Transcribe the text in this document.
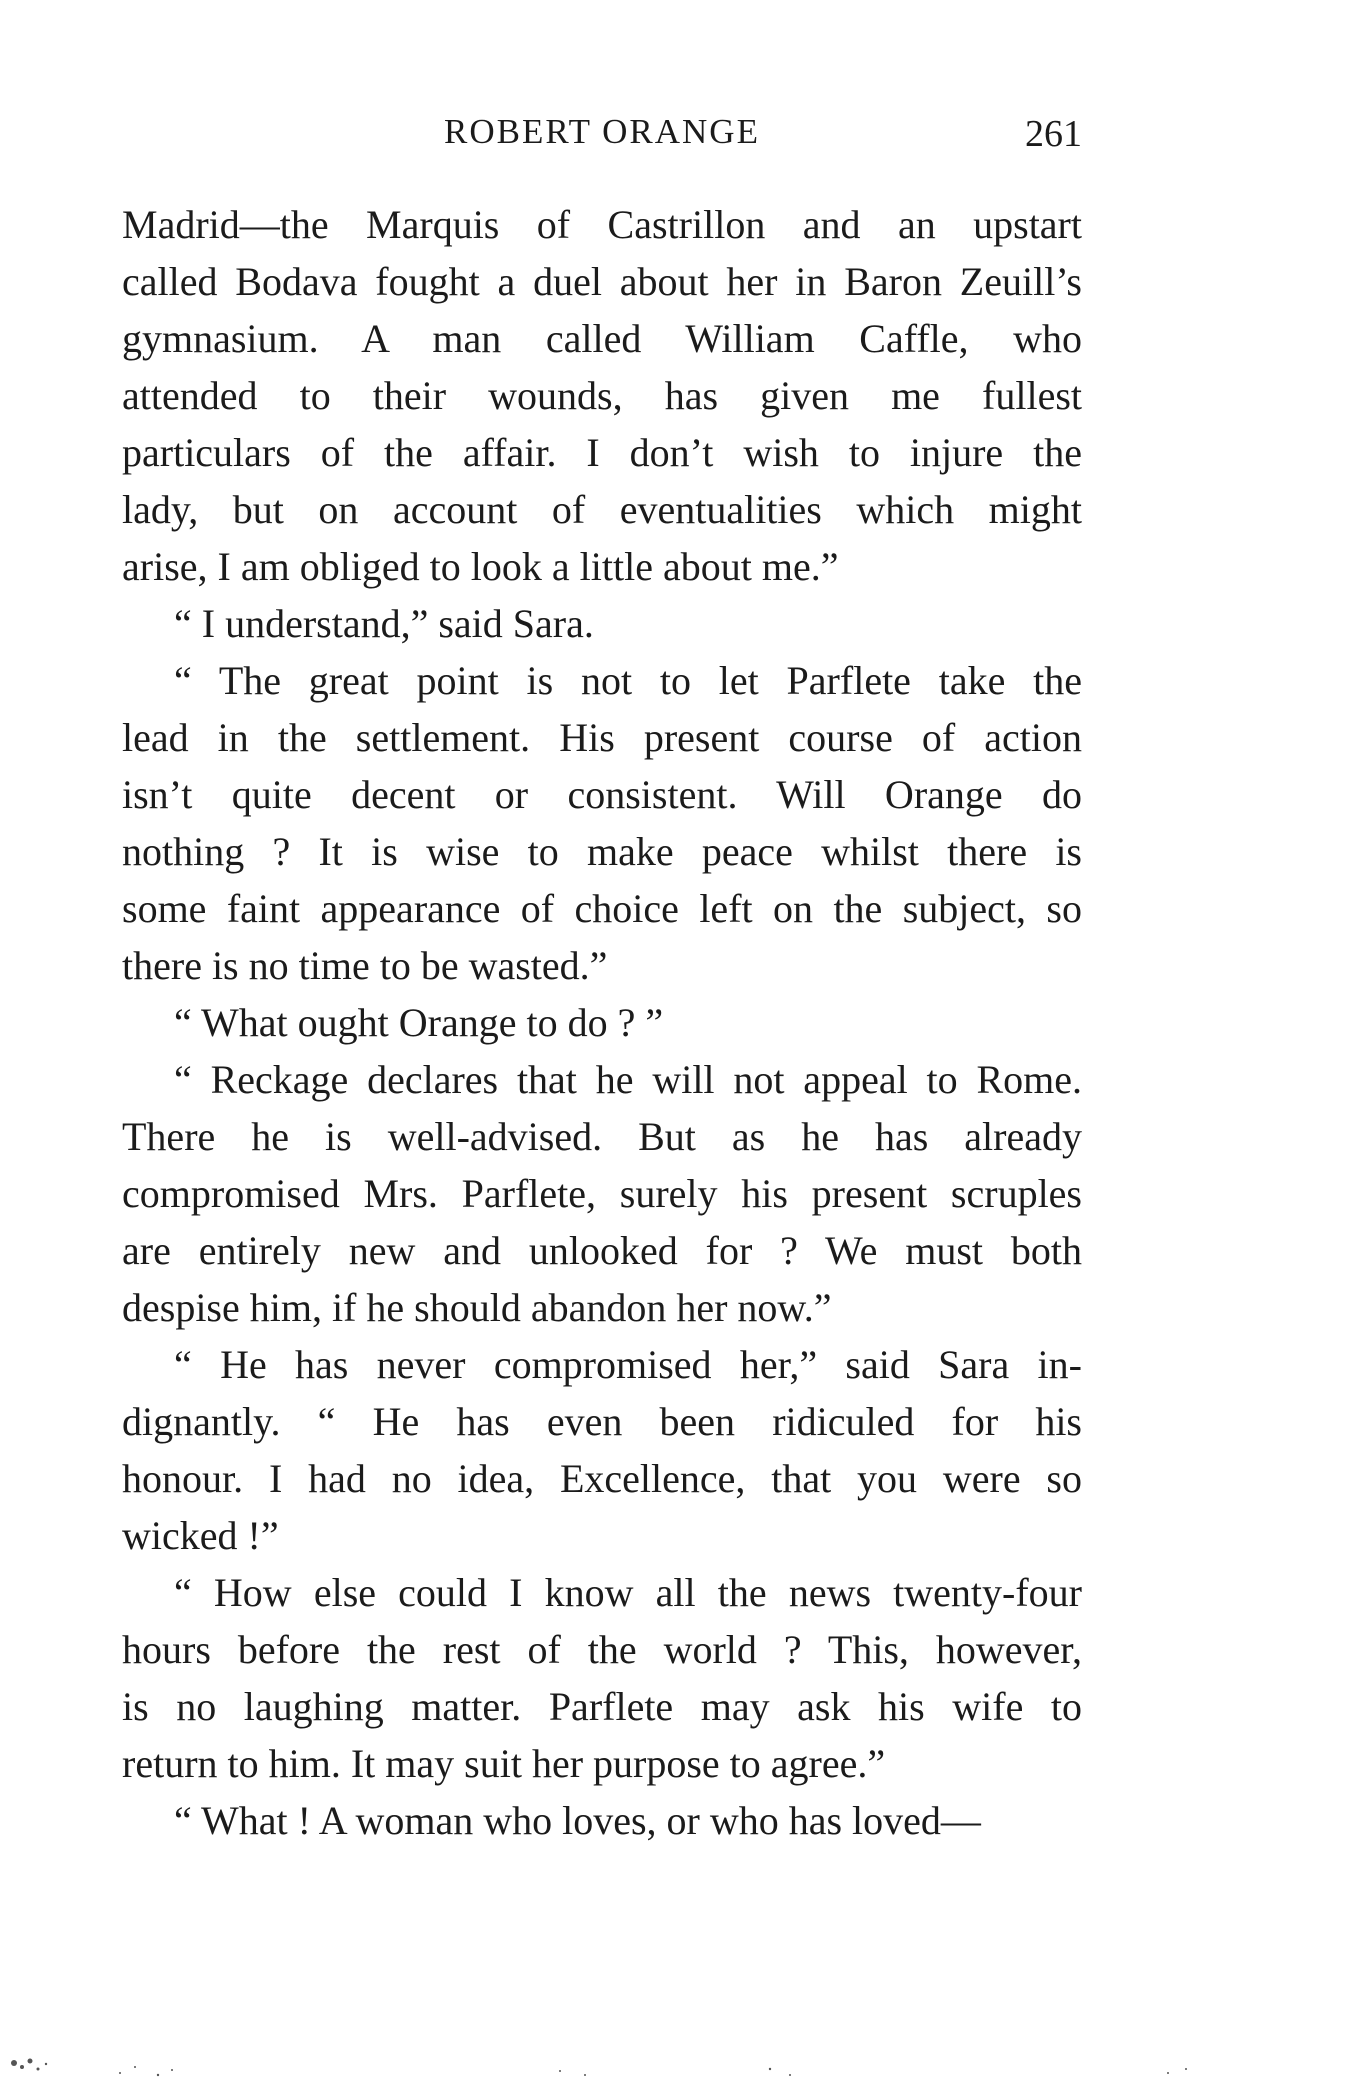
ROBERT ORANGE	261
Madrid—the Marquis of Castrillon and an upstart
called Bodava fought a duel about her in Baron Zeuill’s
gymnasium. A man called William Caffle, who
attended to their wounds, has given me fullest
particulars of the affair. I don’t wish to injure the
lady, but on account of eventualities which might
arise, I am obliged to look a little about me.”
“ I understand,” said Sara.
“ The great point is not to let Parflete take the
lead in the settlement. His present course of action
isn’t quite decent or consistent. Will Orange do
nothing ? It is wise to make peace whilst there is
some faint appearance of choice left on the subject, so
there is no time to be wasted.”
“ What ought Orange to do ? ”
“ Reckage declares that he will not appeal to Rome.
There he is well-advised. But as he has already
compromised Mrs. Parflete, surely his present scruples
are entirely new and unlooked for ? We must both
despise him, if he should abandon her now.”
“ He has never compromised her,” said Sara in-
dignantly. “ He has even been ridiculed for his
honour. I had no idea, Excellence, that you were so
wicked !”
“ How else could I know all the news twenty-four
hours before the rest of the world ? This, however,
is no laughing matter. Parflete may ask his wife to
return to him. It may suit her purpose to agree.”
“ What ! A woman who loves, or who has loved—
